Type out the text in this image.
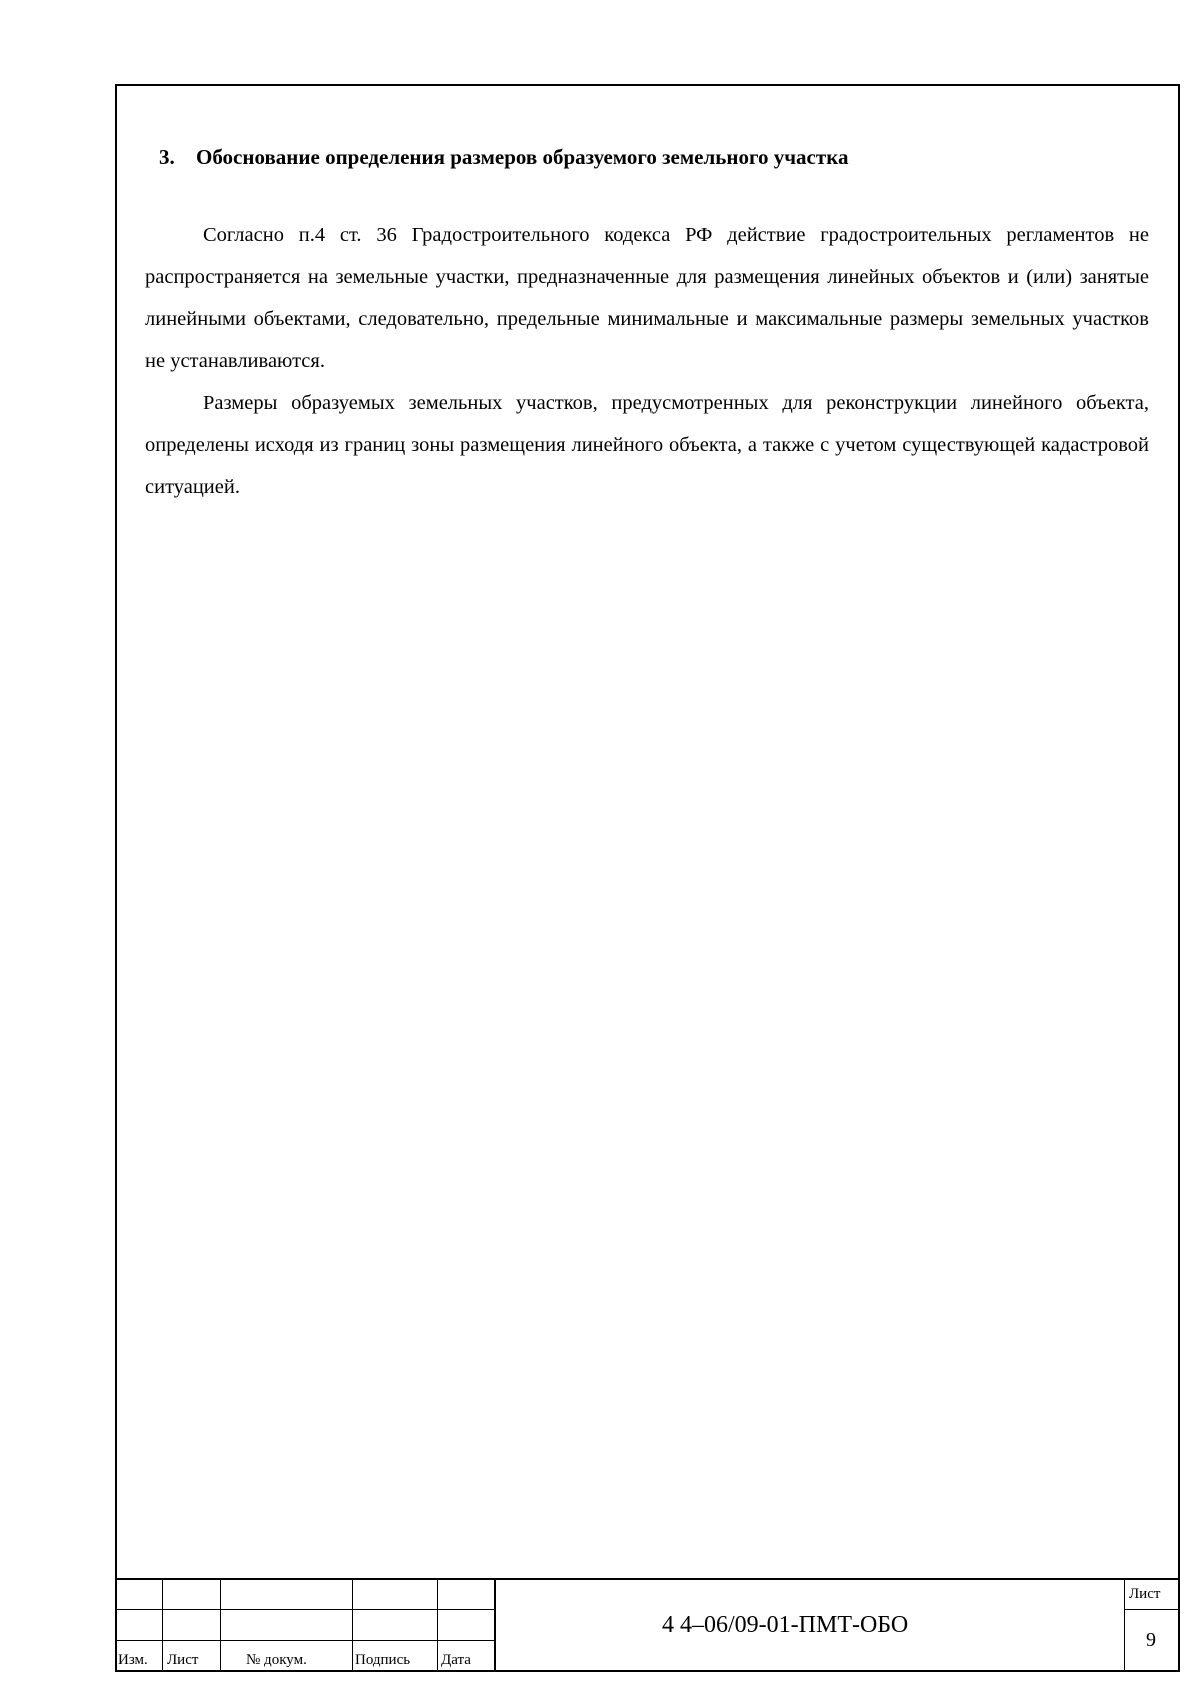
3. Обоснование определения размеров образуемого земельного участка

Согласно п.4 ст. 36 Градостроительного кодекса РФ действие градостроительных регламентов не распространяется на земельные участки, предназначенные для размещения линейных объектов и (или) занятые линейными объектами, следовательно, предельные минимальные и максимальные размеры земельных участков не устанавливаются.

Размеры образуемых земельных участков, предусмотренных для реконструкции линейного объекта, определены исходя из границ зоны размещения линейного объекта, а также с учетом существующей кадастровой ситуацией.

Изм. Лист	№ докум.	Подпись Дата
4 4–06/09-01-ПМТ-ОБО
Лист
9
